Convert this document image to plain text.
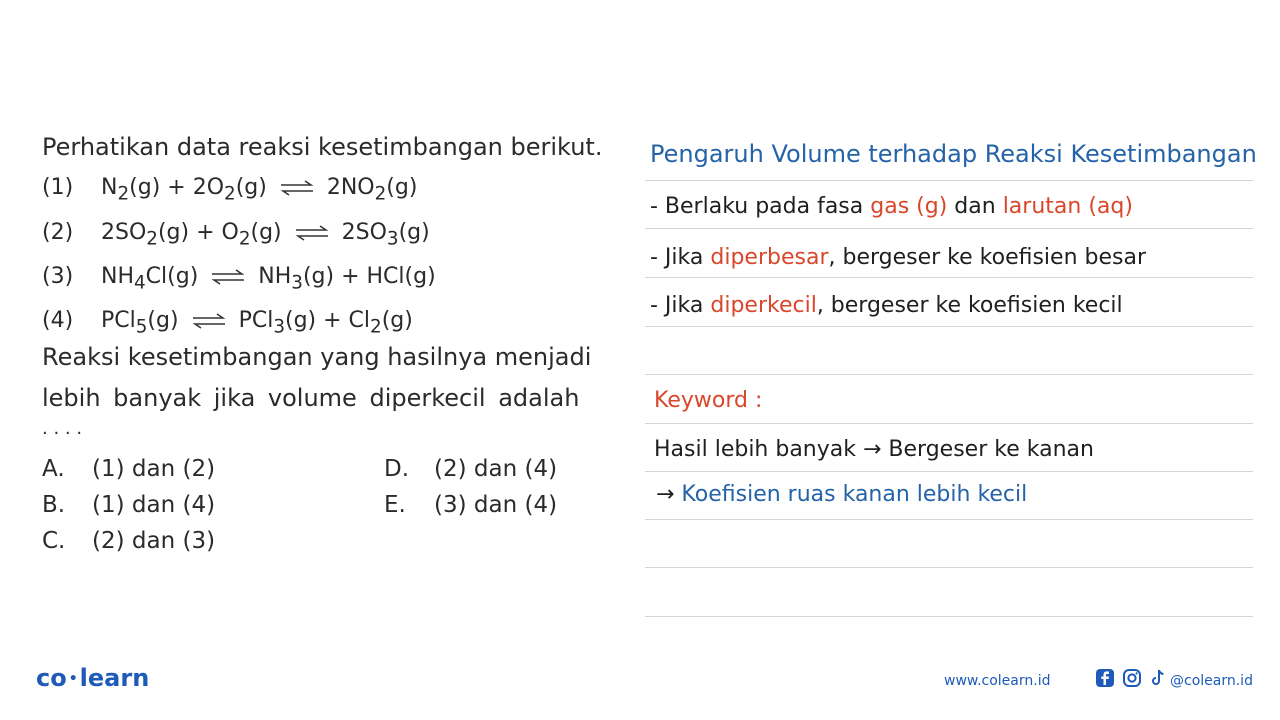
Perhatikan data reaksi kesetimbangan berikut.
(1) $N_2(g) + 2O_2(g)$ ⇌ $2NO_2(g)$
(2) $2SO_2(g) + O_2(g)$ ⇌ $2SO_3(g)$
(3) $NH_4Cl(g)$ ⇌ $NH_3(g) + HCl(g)$
(4) PCl$_5$(g) ⇌ $PCl_3(g) + Cl_2(g)$
Reaksi kesetimbangan yang hasilnya menjadi
lebih banyak jika volume diperkecil adalah
. . . .
A. (1) dan (2)
B. (1) dan (4)
C. (2) dan (3)
D. (2) dan (4)
E. (3) dan (4)
Pengaruh Volume terhadap Reaksi Kesetimbangan
- Berlaku pada fasa gas (g) dan larutan (aq)
- Jika diperbesar, bergeser ke koefisien besar
- Jika diperkecil, bergeser ke koefisien kecil
Keyword :
Hasil lebih banyak → Bergeser ke kanan
→ Koefisien ruas kanan lebih kecil
co •learn	www.colearn.id	@colearn.id
